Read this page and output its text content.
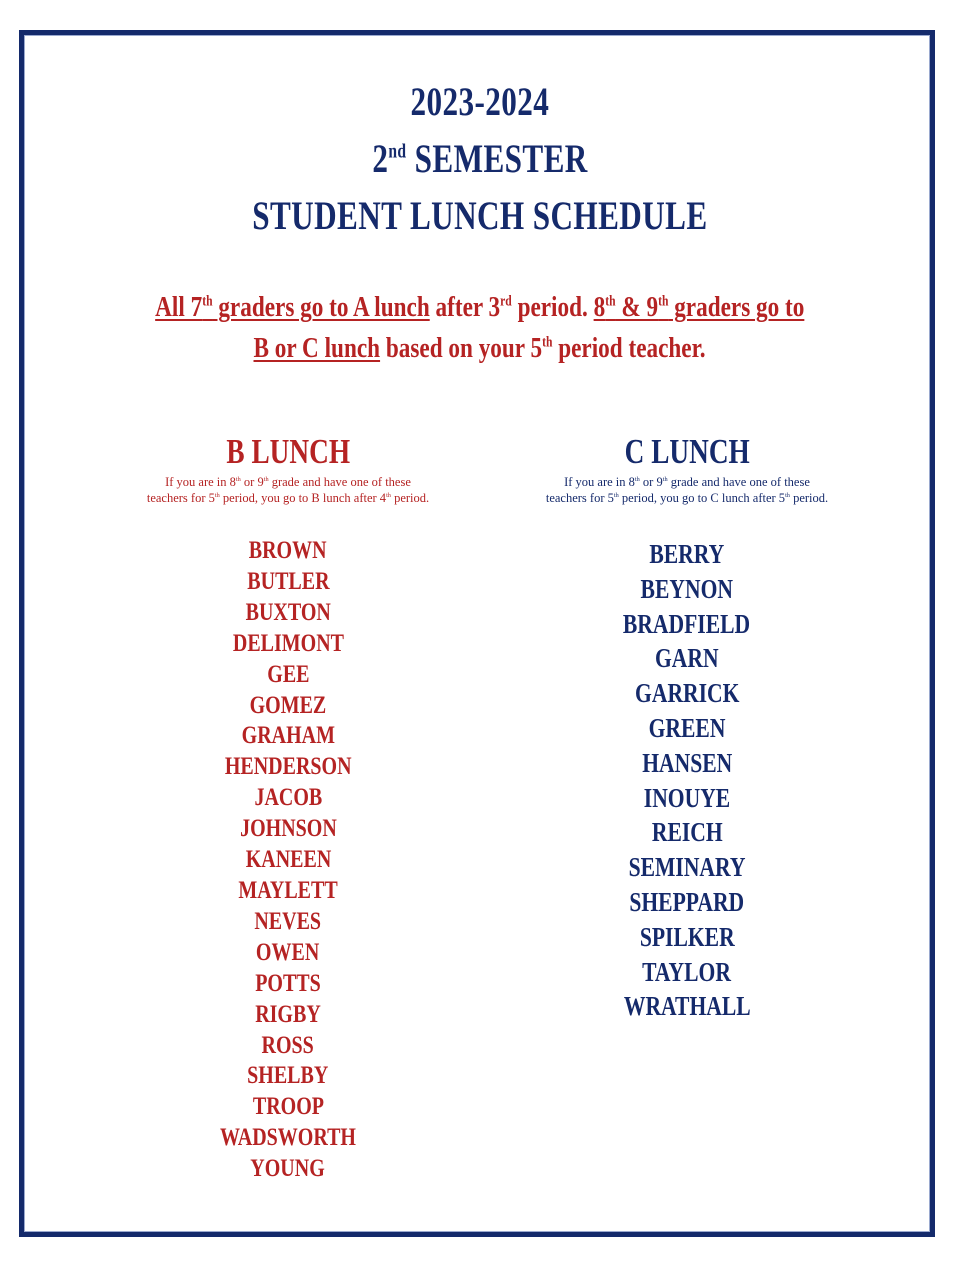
2023-2024
2nd SEMESTER
STUDENT LUNCH SCHEDULE
All 7th graders go to A lunch after 3rd period. 8th & 9th graders go to
B or C lunch based on your 5th period teacher.
B LUNCH
If you are in 8th or 9th grade and have one of these
teachers for 5th period, you go to B lunch after 4th period.
BROWN
BUTLER
BUXTON
DELIMONT
GEE
GOMEZ
GRAHAM
HENDERSON
JACOB
JOHNSON
KANEEN
MAYLETT
NEVES
OWEN
POTTS
RIGBY
ROSS
SHELBY
TROOP
WADSWORTH
YOUNG
C LUNCH
If you are in 8th or 9th grade and have one of these
teachers for 5th period, you go to C lunch after 5th period.
BERRY
BEYNON
BRADFIELD
GARN
GARRICK
GREEN
HANSEN
INOUYE
REICH
SEMINARY
SHEPPARD
SPILKER
TAYLOR
WRATHALL
